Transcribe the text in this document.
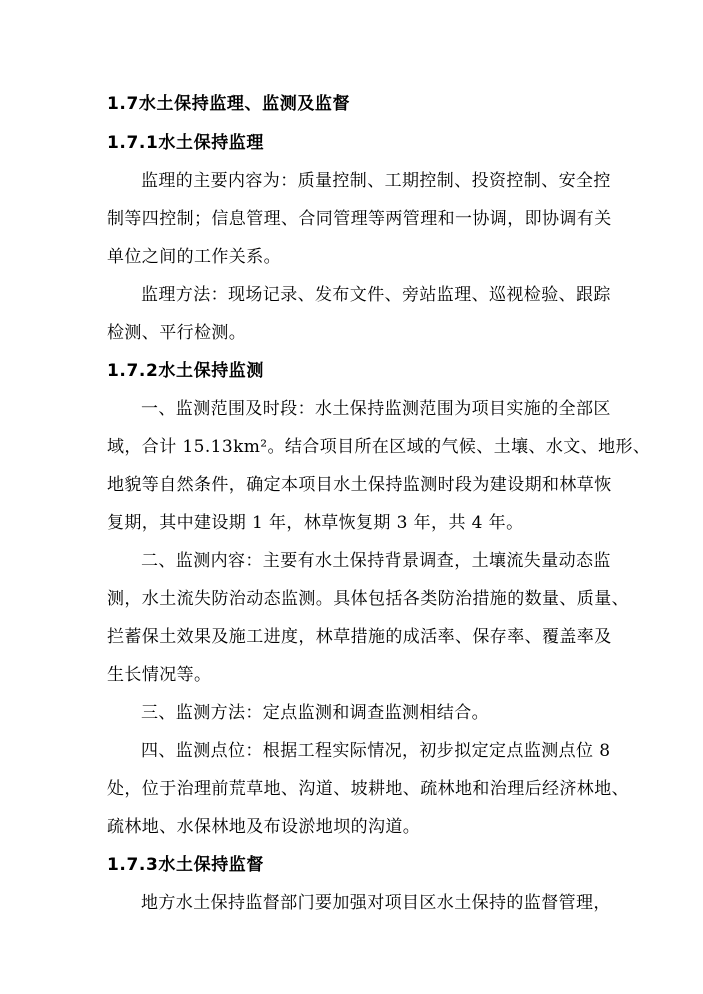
1.7水土保持监理、监测及监督
1.7.1水土保持监理
监理的主要内容为：质量控制、工期控制、投资控制、安全控
制等四控制；信息管理、合同管理等两管理和一协调，即协调有关
单位之间的工作关系。
监理方法：现场记录、发布文件、旁站监理、巡视检验、跟踪
检测、平行检测。
1.7.2水土保持监测
一、监测范围及时段：水土保持监测范围为项目实施的全部区
域，合计 15.13km²。结合项目所在区域的气候、土壤、水文、地形、
地貌等自然条件，确定本项目水土保持监测时段为建设期和林草恢
复期，其中建设期 1 年，林草恢复期 3 年，共 4 年。
二、监测内容：主要有水土保持背景调查，土壤流失量动态监
测，水土流失防治动态监测。具体包括各类防治措施的数量、质量、
拦蓄保土效果及施工进度，林草措施的成活率、保存率、覆盖率及
生长情况等。
三、监测方法：定点监测和调查监测相结合。
四、监测点位：根据工程实际情况，初步拟定定点监测点位 8
处，位于治理前荒草地、沟道、坡耕地、疏林地和治理后经济林地、
疏林地、水保林地及布设淤地坝的沟道。
1.7.3水土保持监督
地方水土保持监督部门要加强对项目区水土保持的监督管理，
